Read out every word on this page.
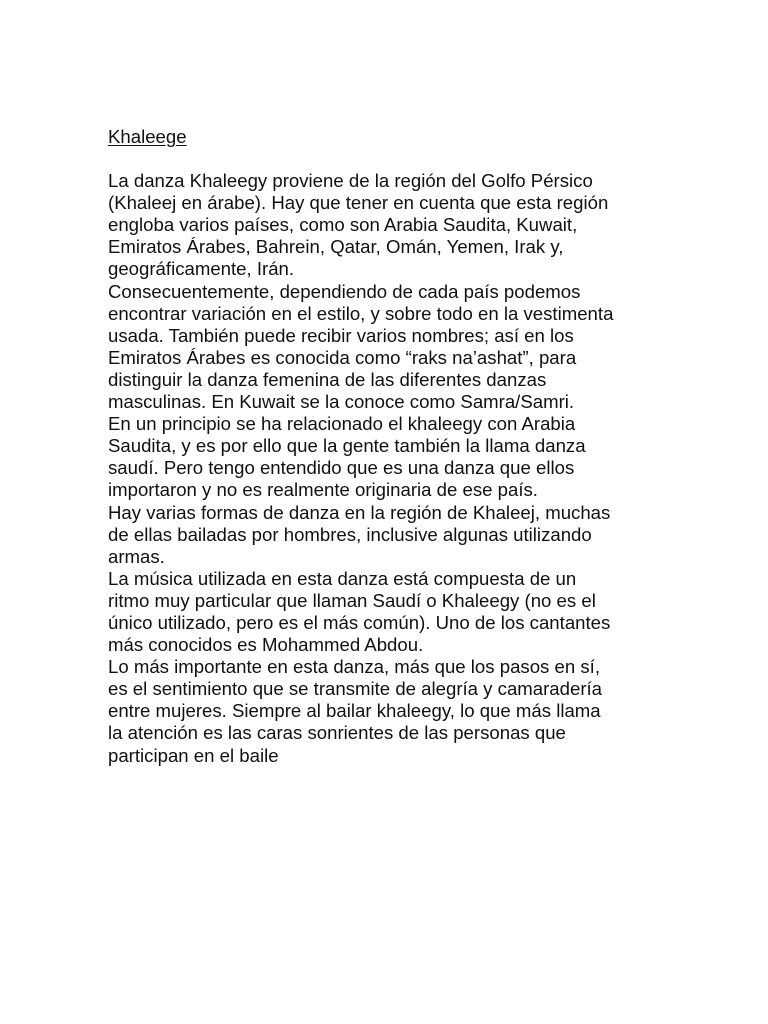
Khaleege
La danza Khaleegy proviene de la región del Golfo Pérsico
(Khaleej en árabe). Hay que tener en cuenta que esta región
engloba varios países, como son Arabia Saudita, Kuwait,
Emiratos Árabes, Bahrein, Qatar, Omán, Yemen, Irak y,
geográficamente, Irán.
Consecuentemente, dependiendo de cada país podemos
encontrar variación en el estilo, y sobre todo en la vestimenta
usada. También puede recibir varios nombres; así en los
Emiratos Árabes es conocida como “raks na’ashat”, para
distinguir la danza femenina de las diferentes danzas
masculinas. En Kuwait se la conoce como Samra/Samri.
En un principio se ha relacionado el khaleegy con Arabia
Saudita, y es por ello que la gente también la llama danza
saudí. Pero tengo entendido que es una danza que ellos
importaron y no es realmente originaria de ese país.
Hay varias formas de danza en la región de Khaleej, muchas
de ellas bailadas por hombres, inclusive algunas utilizando
armas.
La música utilizada en esta danza está compuesta de un
ritmo muy particular que llaman Saudí o Khaleegy (no es el
único utilizado, pero es el más común). Uno de los cantantes
más conocidos es Mohammed Abdou.
Lo más importante en esta danza, más que los pasos en sí,
es el sentimiento que se transmite de alegría y camaradería
entre mujeres. Siempre al bailar khaleegy, lo que más llama
la atención es las caras sonrientes de las personas que
participan en el baile
